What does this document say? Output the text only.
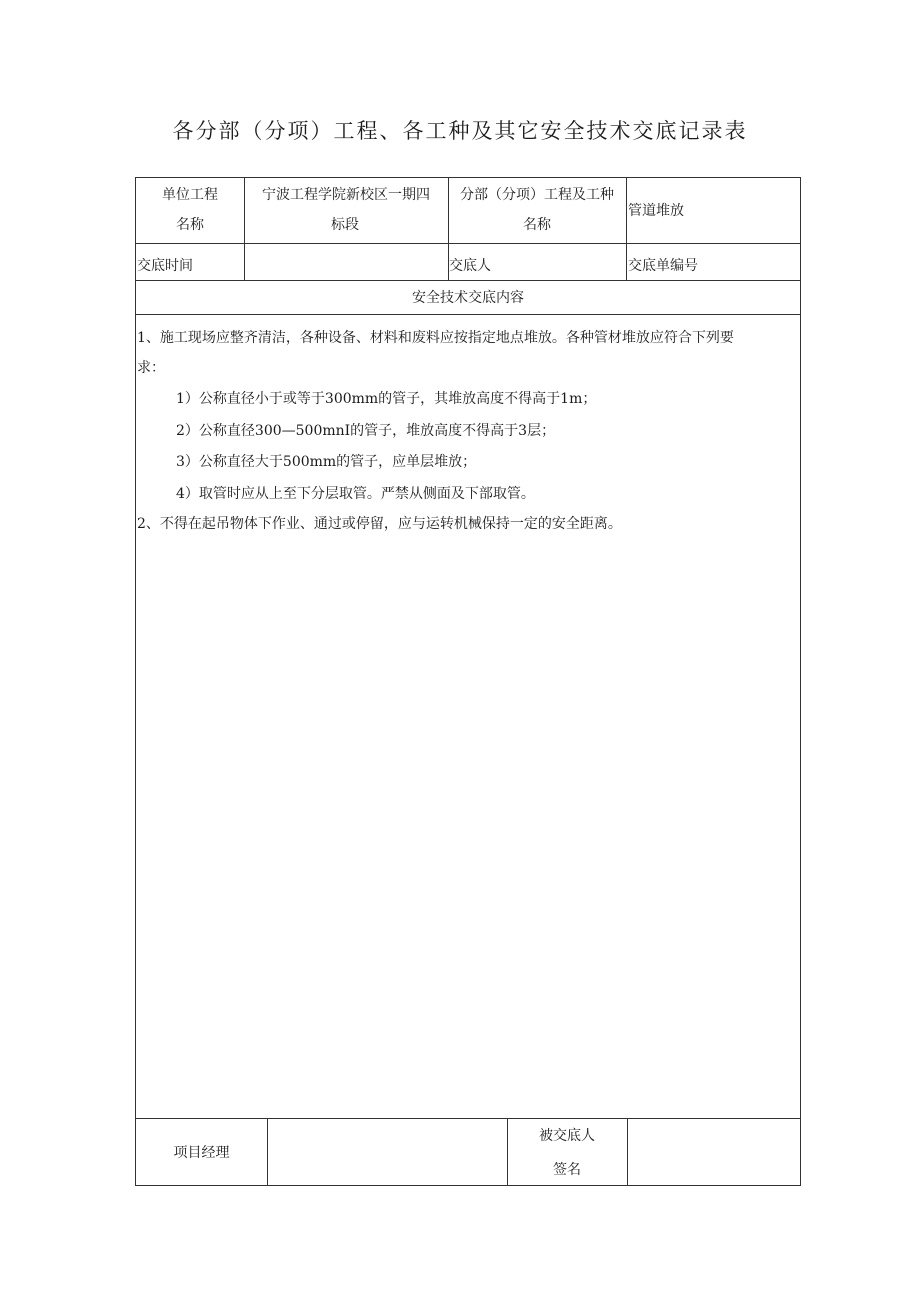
各分部（分项）工程、各工种及其它安全技术交底记录表
单位工程
名称
宁波工程学院新校区一期四
标段
分部（分项）工程及工种
名称
管道堆放
交底时间	交底人	交底单编号
安全技术交底内容
1、施工现场应整齐清洁，各种设备、材料和废料应按指定地点堆放。各种管材堆放应符合下列要
求：
1）公称直径小于或等于300mm的管子，其堆放高度不得高于1m；
2）公称直径300—500mnI的管子，堆放高度不得高于3层；
3）公称直径大于500mm的管子，应单层堆放；
4）取管时应从上至下分层取管。严禁从侧面及下部取管。
2、不得在起吊物体下作业、通过或停留，应与运转机械保持一定的安全距离。
项目经理
被交底人
签名
